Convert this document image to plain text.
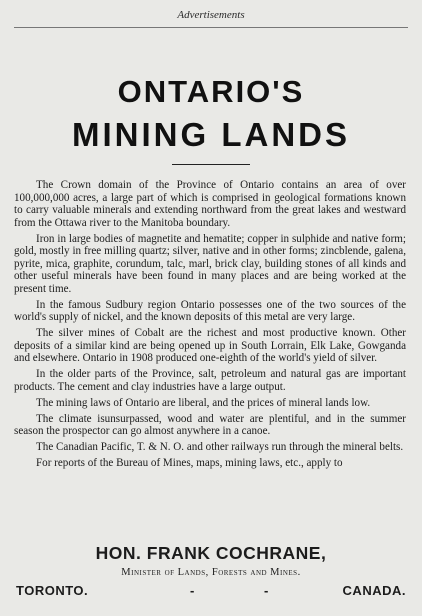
Advertisements
ONTARIO'S
MINING LANDS

The Crown domain of the Province of Ontario contains an area of over 100,000,000 acres, a large part of which is comprised in geological formations known to carry valuable minerals and extending northward from the great lakes and westward from the Ottawa river to the Manitoba boundary.

Iron in large bodies of magnetite and hematite; copper in sulphide and native form; gold, mostly in free milling quartz; silver, native and in other forms; zincblende, galena, pyrite, mica, graphite, corundum, talc, marl, brick clay, building stones of all kinds and other useful minerals have been found in many places and are being worked at the present time.

In the famous Sudbury region Ontario possesses one of the two sources of the world's supply of nickel, and the known deposits of this metal are very large.

The silver mines of Cobalt are the richest and most productive known. Other deposits of a similar kind are being opened up in South Lorrain, Elk Lake, Gowganda and elsewhere. Ontario in 1908 produced one-eighth of the world's yield of silver.

In the older parts of the Province, salt, petroleum and natural gas are important products. The cement and clay industries have a large output.

The mining laws of Ontario are liberal, and the prices of mineral lands low.

The climate isunsurpassed, wood and water are plentiful, and in the summer season the prospector can go almost anywhere in a canoe.

The Canadian Pacific, T. & N. O. and other railways run through the mineral belts.

For reports of the Bureau of Mines, maps, mining laws, etc., apply to

HON. FRANK COCHRANE,
Minister of Lands, Forests and Mines.
TORONTO.	-	-	CANADA.
